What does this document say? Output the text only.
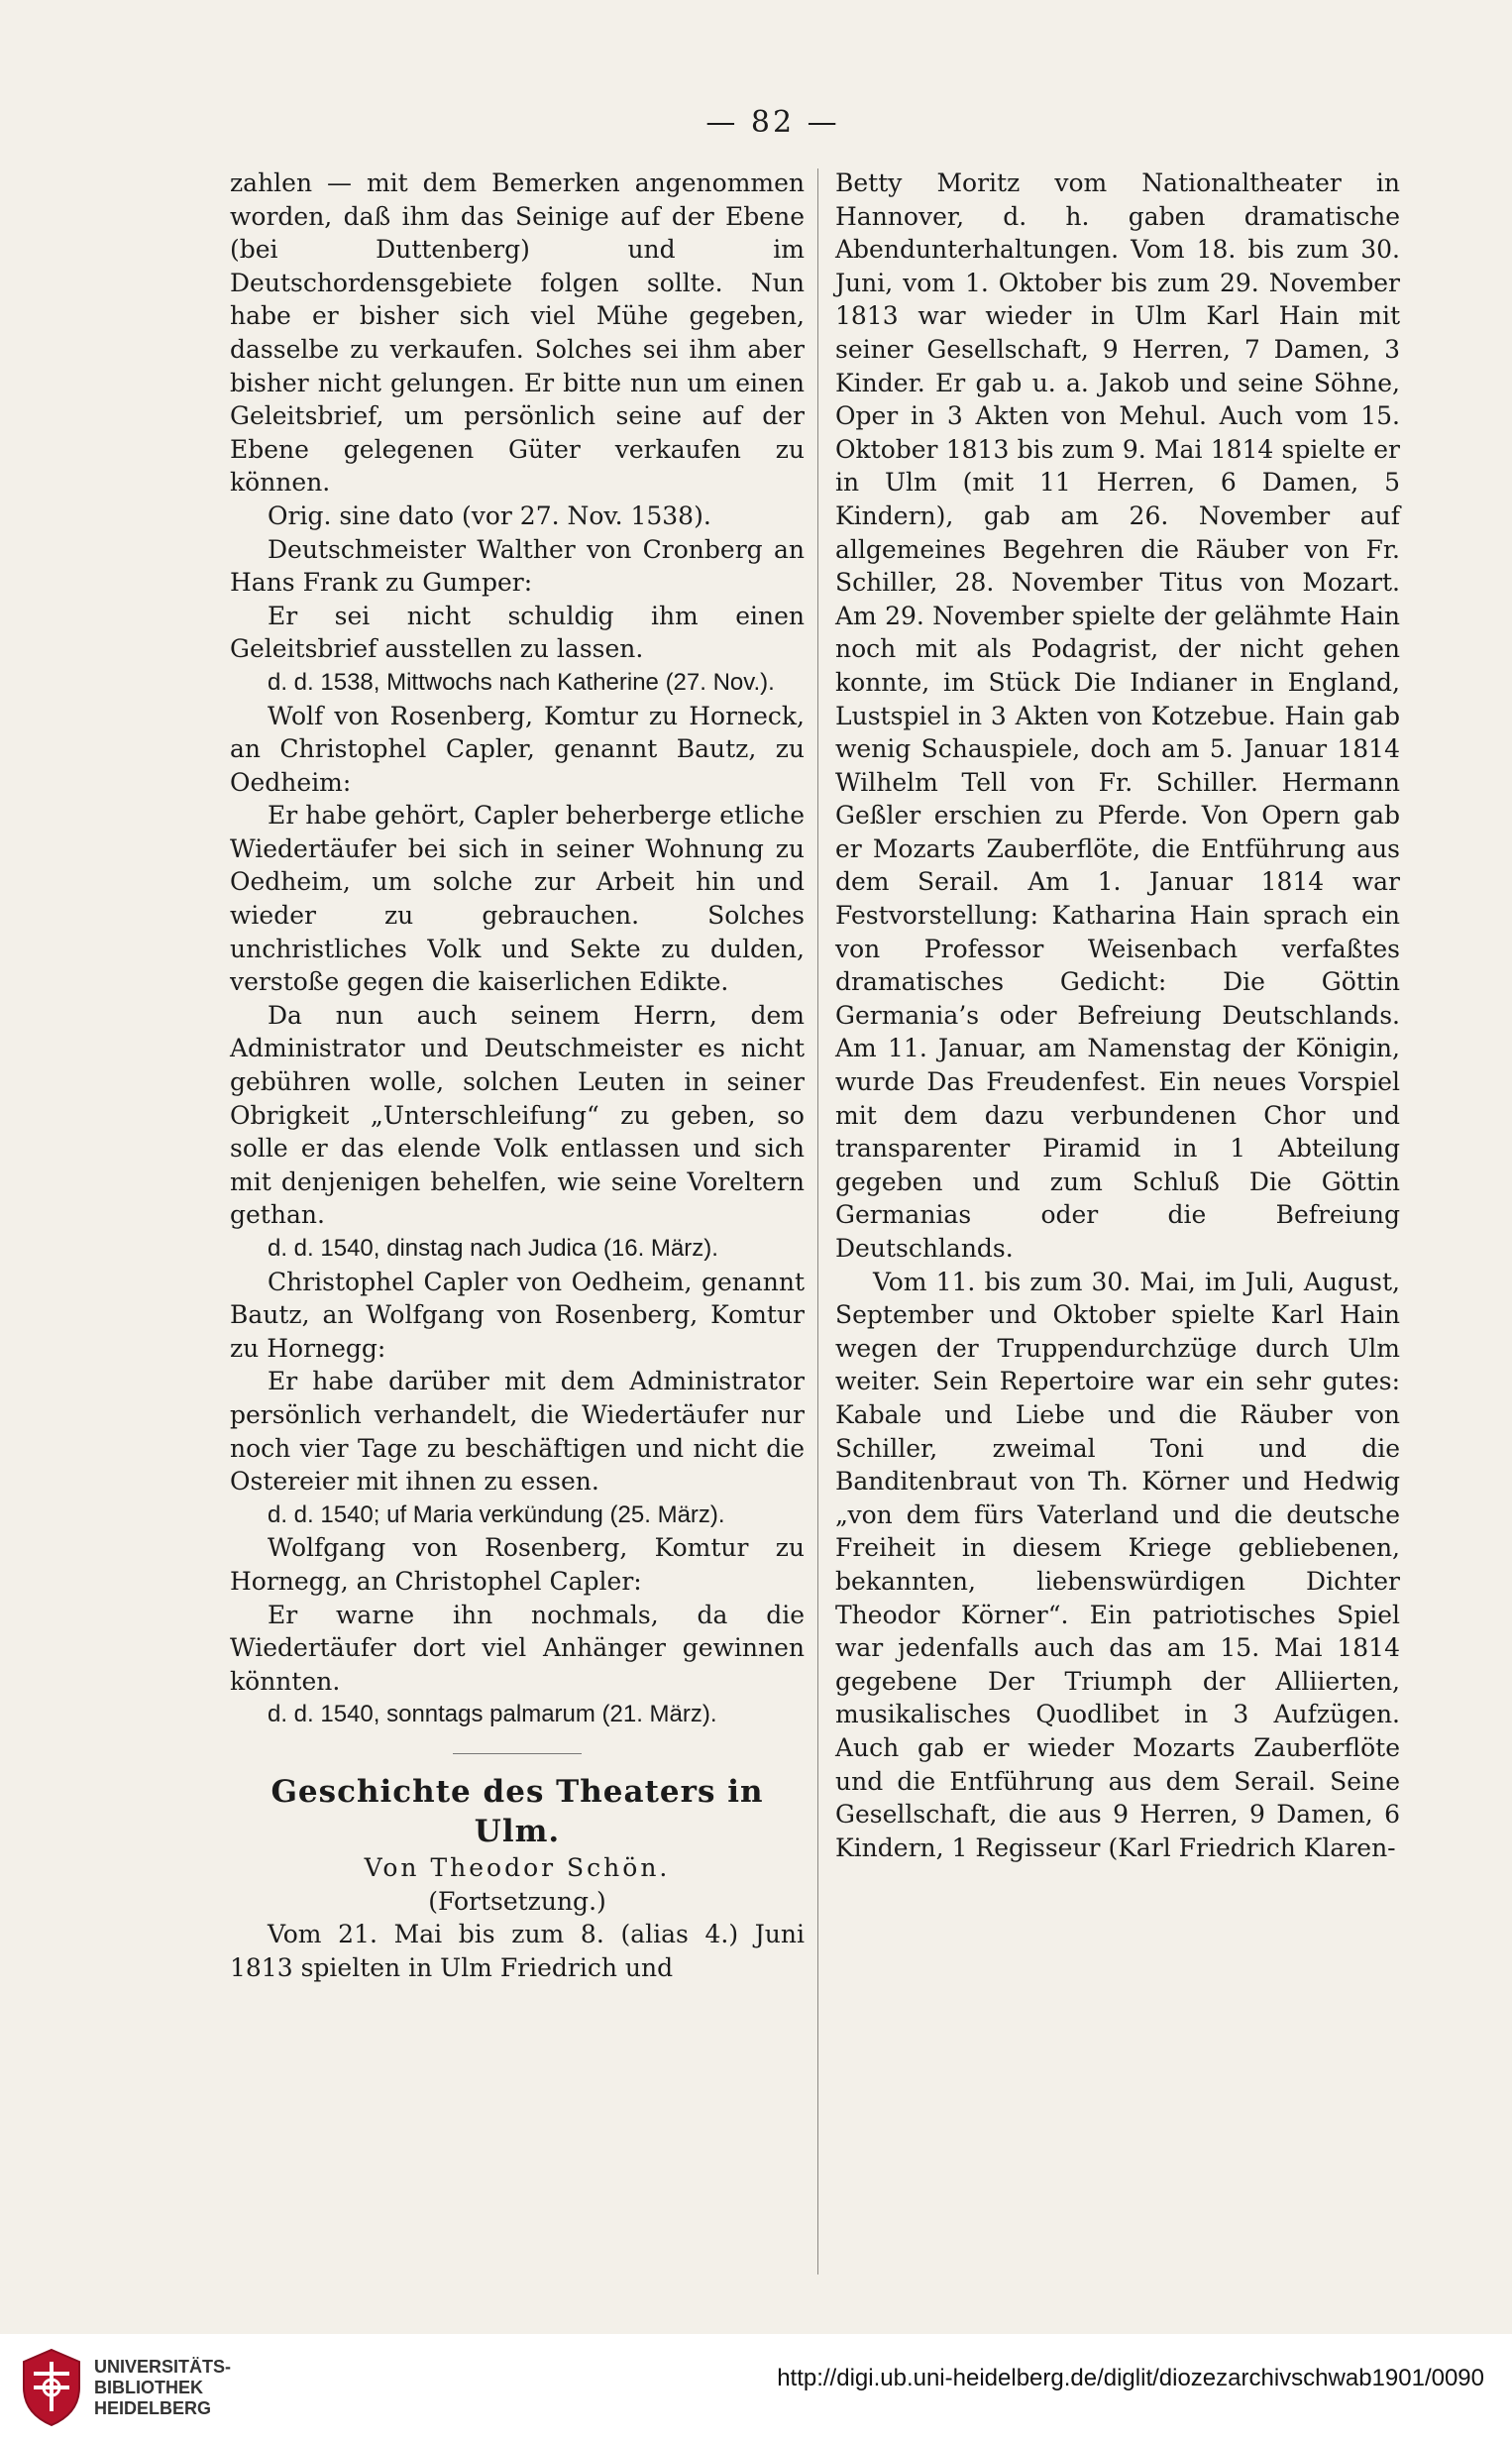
— 82 —

zahlen — mit dem Bemerken angenommen worden, daß ihm das Seinige auf der Ebene (bei Duttenberg) und im Deutschordensgebiete folgen sollte. Nun habe er bisher sich viel Mühe gegeben, dasselbe zu verkaufen. Solches sei ihm aber bisher nicht gelungen. Er bitte nun um einen Geleitsbrief, um persönlich seine auf der Ebene gelegenen Güter verkaufen zu können.

Orig. sine dato (vor 27. Nov. 1538).

Deutschmeister Walther von Cronberg an Hans Frank zu Gumper:

Er sei nicht schuldig ihm einen Geleitsbrief ausstellen zu lassen.

d. d. 1538, Mittwochs nach Katherine (27. Nov.).

Wolf von Rosenberg, Komtur zu Horneck, an Christophel Capler, genannt Bautz, zu Oedheim:

Er habe gehört, Capler beherberge etliche Wiedertäufer bei sich in seiner Wohnung zu Oedheim, um solche zur Arbeit hin und wieder zu gebrauchen. Solches unchristliches Volk und Sekte zu dulden, verstoße gegen die kaiserlichen Edikte.

Da nun auch seinem Herrn, dem Administrator und Deutschmeister es nicht gebühren wolle, solchen Leuten in seiner Obrigkeit „Unterschleifung“ zu geben, so solle er das elende Volk entlassen und sich mit denjenigen behelfen, wie seine Voreltern gethan.

d. d. 1540, dinstag nach Judica (16. März).

Christophel Capler von Oedheim, genannt Bautz, an Wolfgang von Rosenberg, Komtur zu Hornegg:

Er habe darüber mit dem Administrator persönlich verhandelt, die Wiedertäufer nur noch vier Tage zu beschäftigen und nicht die Ostereier mit ihnen zu essen.

d. d. 1540; uf Maria verkündung (25. März).

Wolfgang von Rosenberg, Komtur zu Hornegg, an Christophel Capler:

Er warne ihn nochmals, da die Wiedertäufer dort viel Anhänger gewinnen könnten.

d. d. 1540, sonntags palmarum (21. März).

Geschichte des Theaters in Ulm.

Von Theodor Schön.

(Fortsetzung.)

Vom 21. Mai bis zum 8. (alias 4.) Juni 1813 spielten in Ulm Friedrich und

Betty Moritz vom Nationaltheater in Hannover, d. h. gaben dramatische Abendunterhaltungen. Vom 18. bis zum 30. Juni, vom 1. Oktober bis zum 29. November 1813 war wieder in Ulm Karl Hain mit seiner Gesellschaft, 9 Herren, 7 Damen, 3 Kinder. Er gab u. a. Jakob und seine Söhne, Oper in 3 Akten von Mehul. Auch vom 15. Oktober 1813 bis zum 9. Mai 1814 spielte er in Ulm (mit 11 Herren, 6 Damen, 5 Kindern), gab am 26. November auf allgemeines Begehren die Räuber von Fr. Schiller, 28. November Titus von Mozart. Am 29. November spielte der gelähmte Hain noch mit als Podagrist, der nicht gehen konnte, im Stück Die Indianer in England, Lustspiel in 3 Akten von Kotzebue. Hain gab wenig Schauspiele, doch am 5. Januar 1814 Wilhelm Tell von Fr. Schiller. Hermann Geßler erschien zu Pferde. Von Opern gab er Mozarts Zauberflöte, die Entführung aus dem Serail. Am 1. Januar 1814 war Festvorstellung: Katharina Hain sprach ein von Professor Weisenbach verfaßtes dramatisches Gedicht: Die Göttin Germania’s oder Befreiung Deutschlands. Am 11. Januar, am Namenstag der Königin, wurde Das Freudenfest. Ein neues Vorspiel mit dem dazu verbundenen Chor und transparenter Piramid in 1 Abteilung gegeben und zum Schluß Die Göttin Germanias oder die Befreiung Deutschlands.

Vom 11. bis zum 30. Mai, im Juli, August, September und Oktober spielte Karl Hain wegen der Truppendurchzüge durch Ulm weiter. Sein Repertoire war ein sehr gutes: Kabale und Liebe und die Räuber von Schiller, zweimal Toni und die Banditenbraut von Th. Körner und Hedwig „von dem fürs Vaterland und die deutsche Freiheit in diesem Kriege gebliebenen, bekannten, liebenswürdigen Dichter Theodor Körner“. Ein patriotisches Spiel war jedenfalls auch das am 15. Mai 1814 gegebene Der Triumph der Alliierten, musikalisches Quodlibet in 3 Aufzügen. Auch gab er wieder Mozarts Zauberflöte und die Entführung aus dem Serail. Seine Gesellschaft, die aus 9 Herren, 9 Damen, 6 Kindern, 1 Regisseur (Karl Friedrich Klaren-

UNIVERSITÄTS-
BIBLIOTHEK
HEIDELBERG
http://digi.ub.uni-heidelberg.de/diglit/diozezarchivschwab1901/0090
